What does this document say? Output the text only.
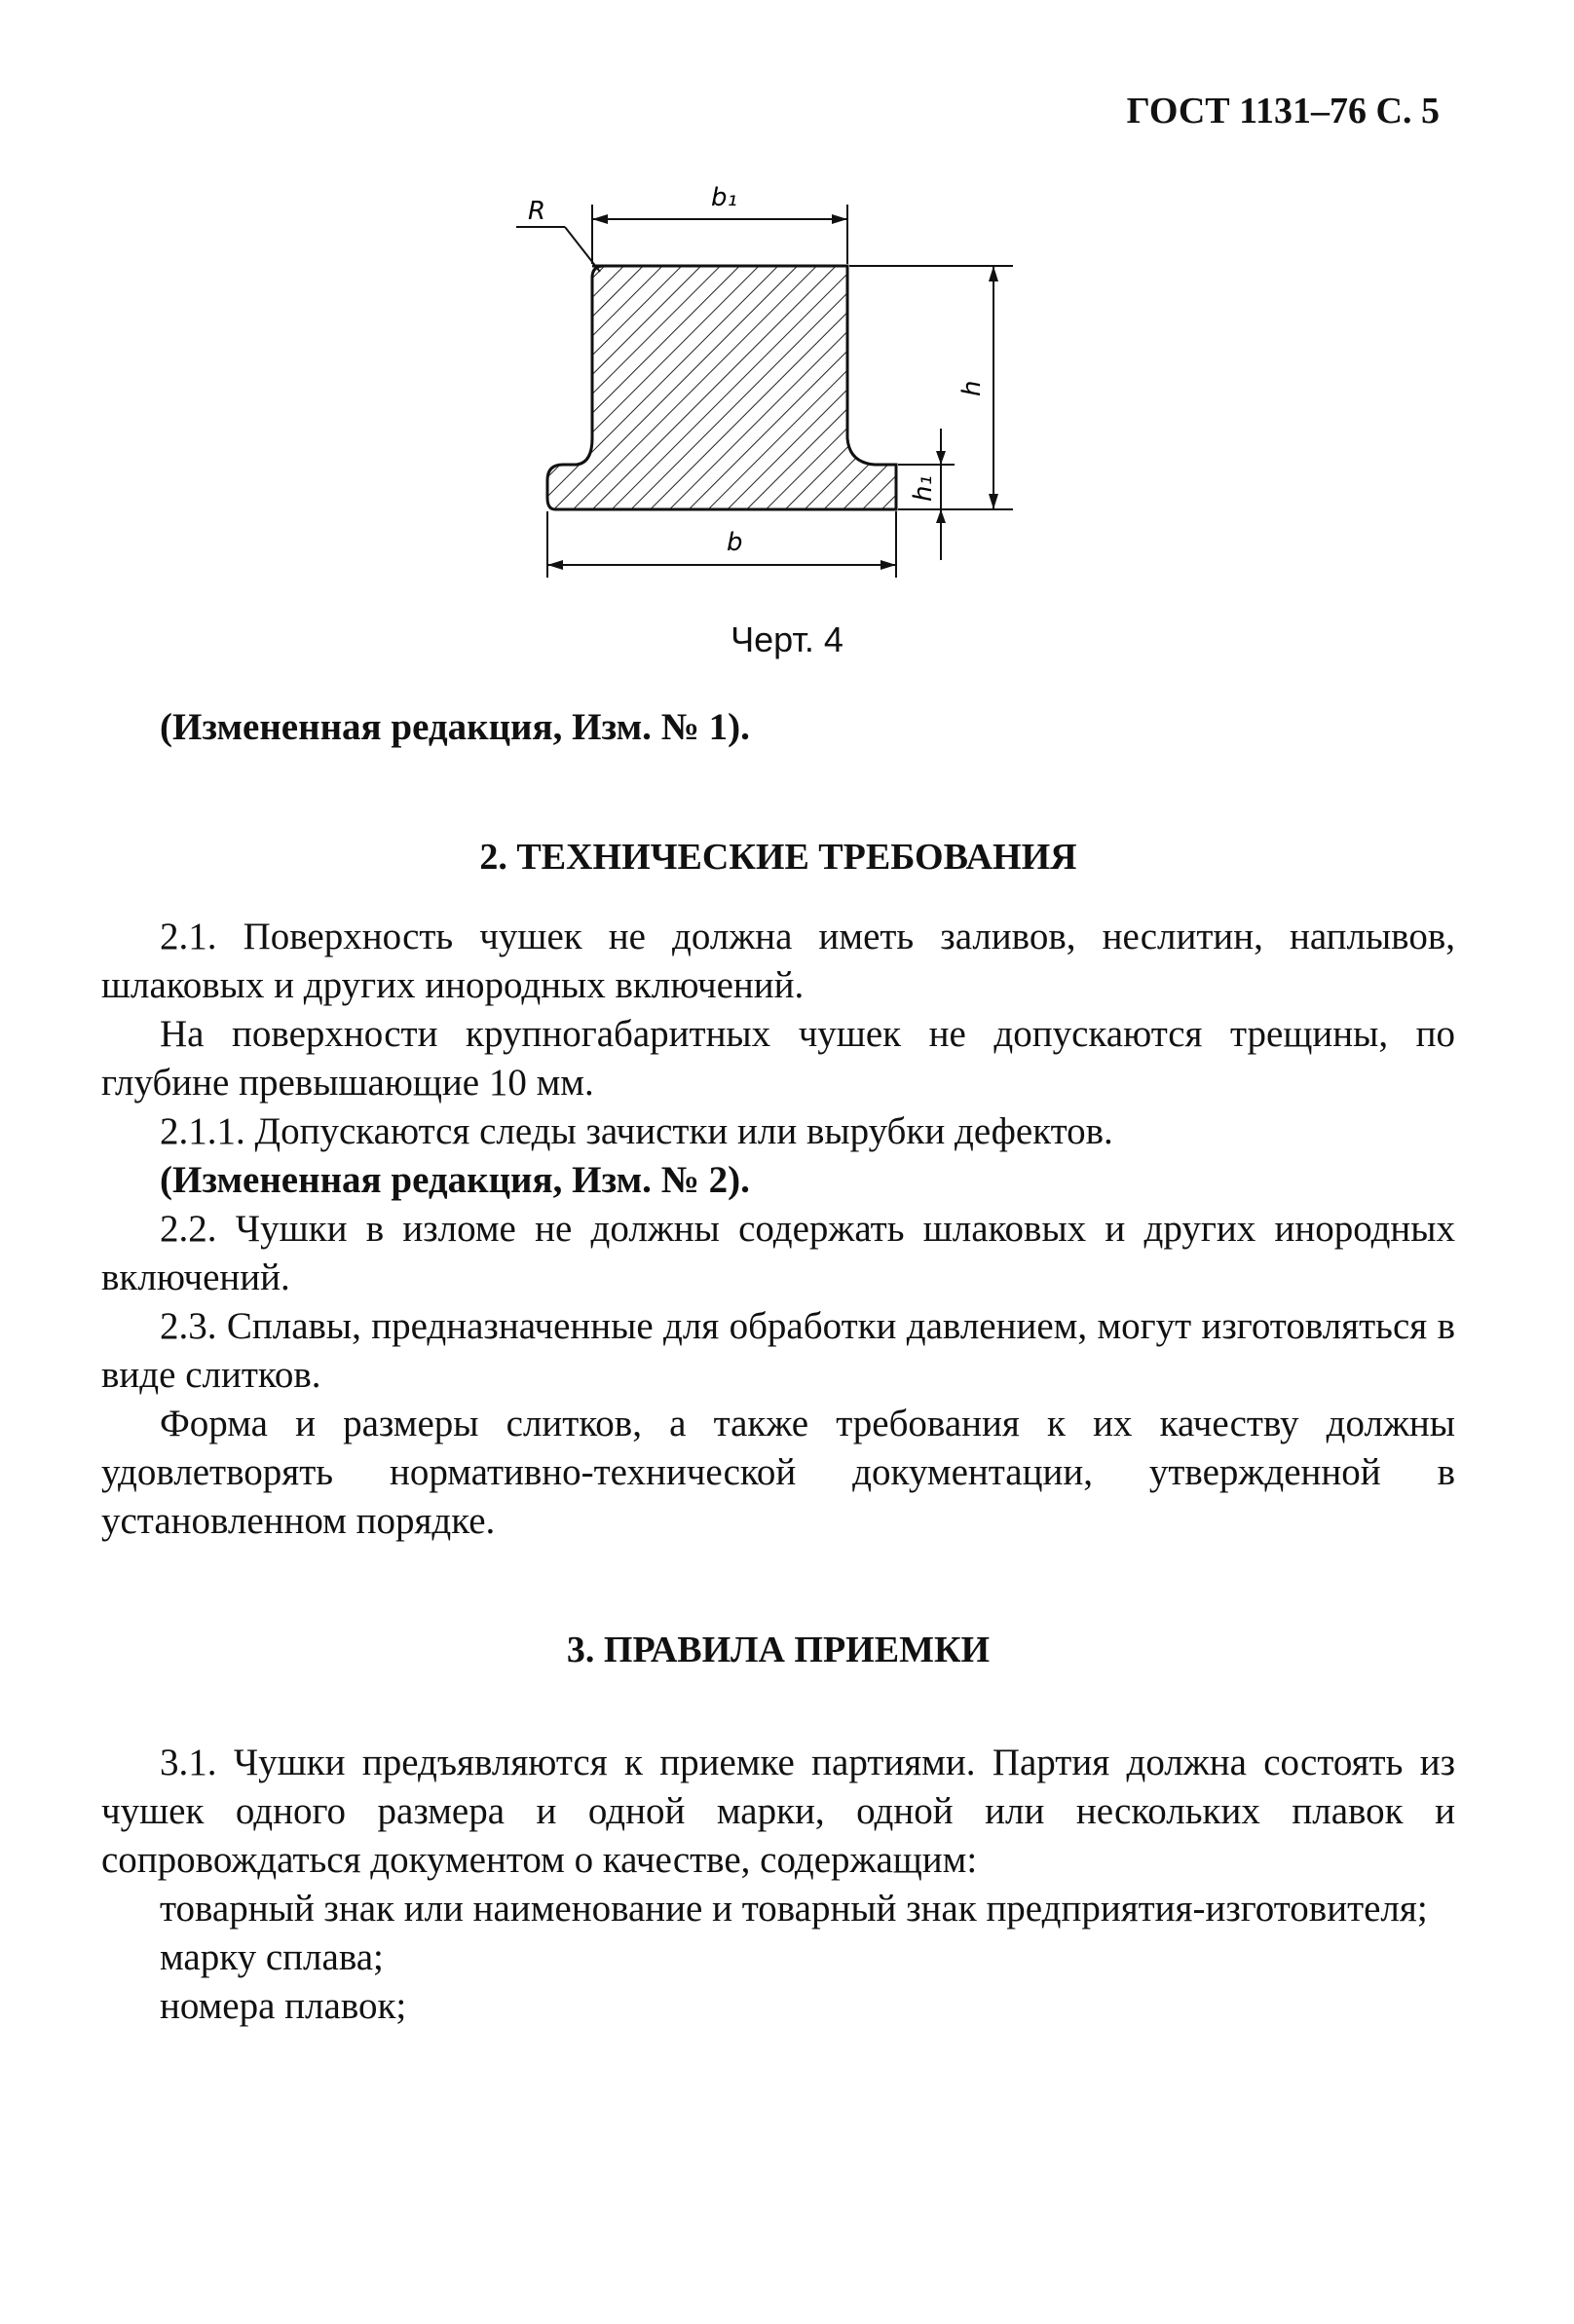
ГОСТ 1131–76 С. 5
R	b₁
h
h₁
b
Черт. 4

(Измененная редакция, Изм. № 1).

2. ТЕХНИЧЕСКИЕ ТРЕБОВАНИЯ

2.1. Поверхность чушек не должна иметь заливов, неслитин, наплывов, шлаковых и других инородных включений.

На поверхности крупногабаритных чушек не допускаются трещины, по глубине превышающие 10 мм.

2.1.1. Допускаются следы зачистки или вырубки дефектов.

(Измененная редакция, Изм. № 2).

2.2. Чушки в изломе не должны содержать шлаковых и других инородных включений.

2.3. Сплавы, предназначенные для обработки давлением, могут изготовляться в виде слитков.

Форма и размеры слитков, а также требования к их качеству должны удовлетворять нормативно-технической документации, утвержденной в установленном порядке.

3. ПРАВИЛА ПРИЕМКИ

3.1. Чушки предъявляются к приемке партиями. Партия должна состоять из чушек одного размера и одной марки, одной или нескольких плавок и сопровождаться документом о качестве, содержащим:

товарный знак или наименование и товарный знак предприятия-изготовителя;

марку сплава;

номера плавок;
